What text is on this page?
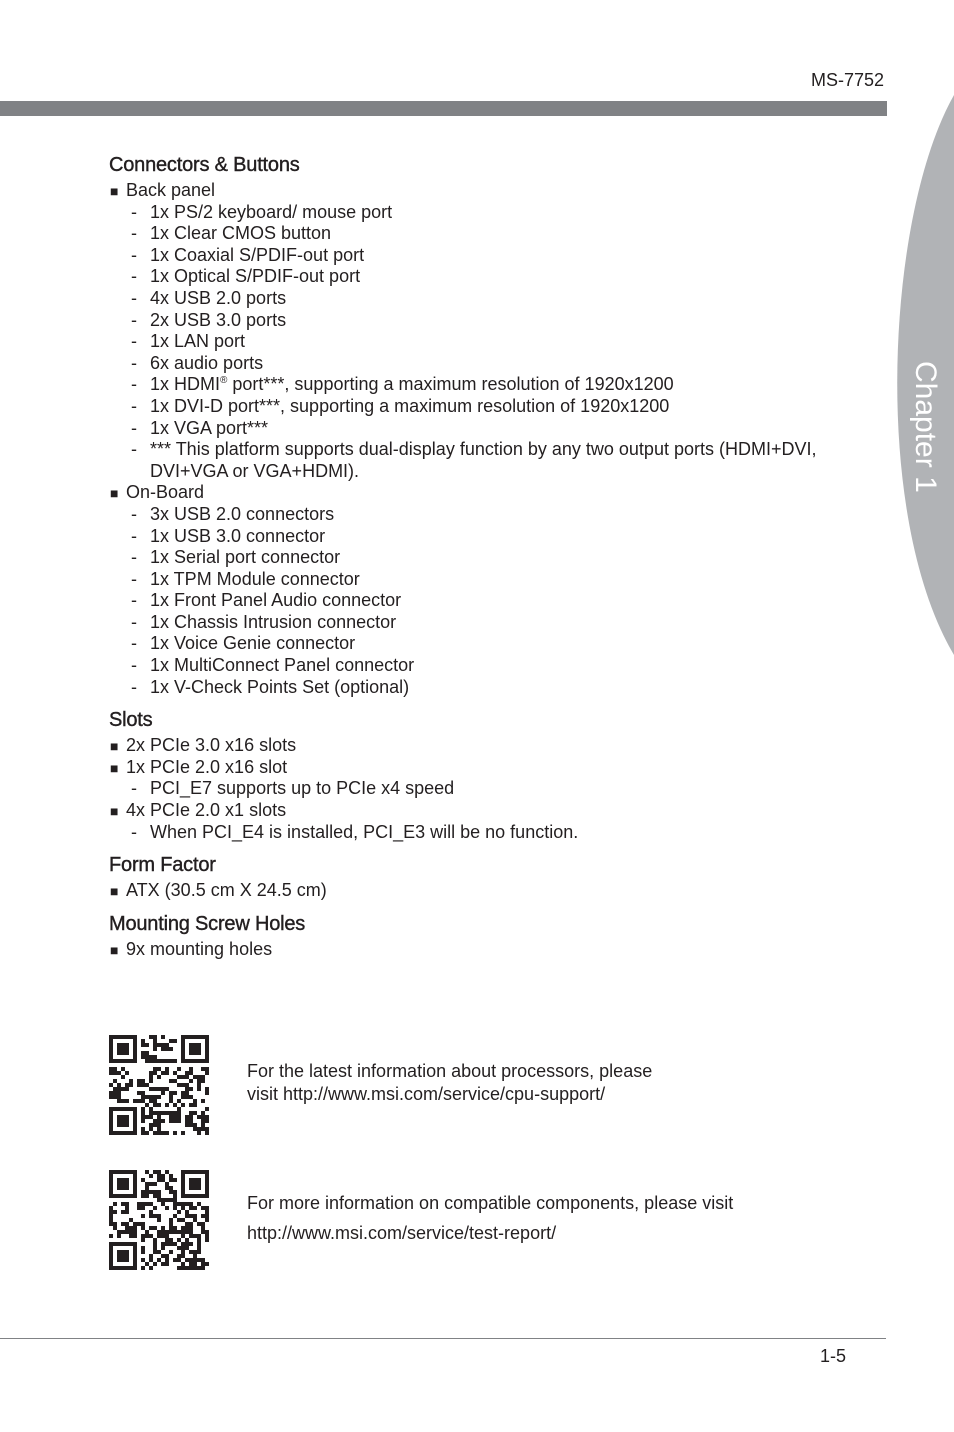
MS-7752
Connectors & Buttons
■ Back panel
- 1x PS/2 keyboard/ mouse port
- 1x Clear CMOS button
- 1x Coaxial S/PDIF-out port
- 1x Optical S/PDIF-out port
- 4x USB 2.0 ports
- 2x USB 3.0 ports
- 1x LAN port
- 6x audio ports
- 1x HDMI® port***, supporting a maximum resolution of 1920x1200
- 1x DVI-D port***, supporting a maximum resolution of 1920x1200
- 1x VGA port***
- *** This platform supports dual-display function by any two output ports (HDMI+DVI, DVI+VGA or VGA+HDMI).
■ On-Board
- 3x USB 2.0 connectors
- 1x USB 3.0 connector
- 1x Serial port connector
- 1x TPM Module connector
- 1x Front Panel Audio connector
- 1x Chassis Intrusion connector
- 1x Voice Genie connector
- 1x MultiConnect Panel connector
- 1x V-Check Points Set (optional)
Slots
■ 2x PCIe 3.0 x16 slots
■ 1x PCIe 2.0 x16 slot
- PCI_E7 supports up to PCIe x4 speed
■ 4x PCIe 2.0 x1 slots
- When PCI_E4 is installed, PCI_E3 will be no function.
Form Factor
■ ATX (30.5 cm X 24.5 cm)
Mounting Screw Holes
■ 9x mounting holes
For the latest information about processors, please
visit http://www.msi.com/service/cpu-support/
For more information on compatible components, please visit
http://www.msi.com/service/test-report/
1-5
